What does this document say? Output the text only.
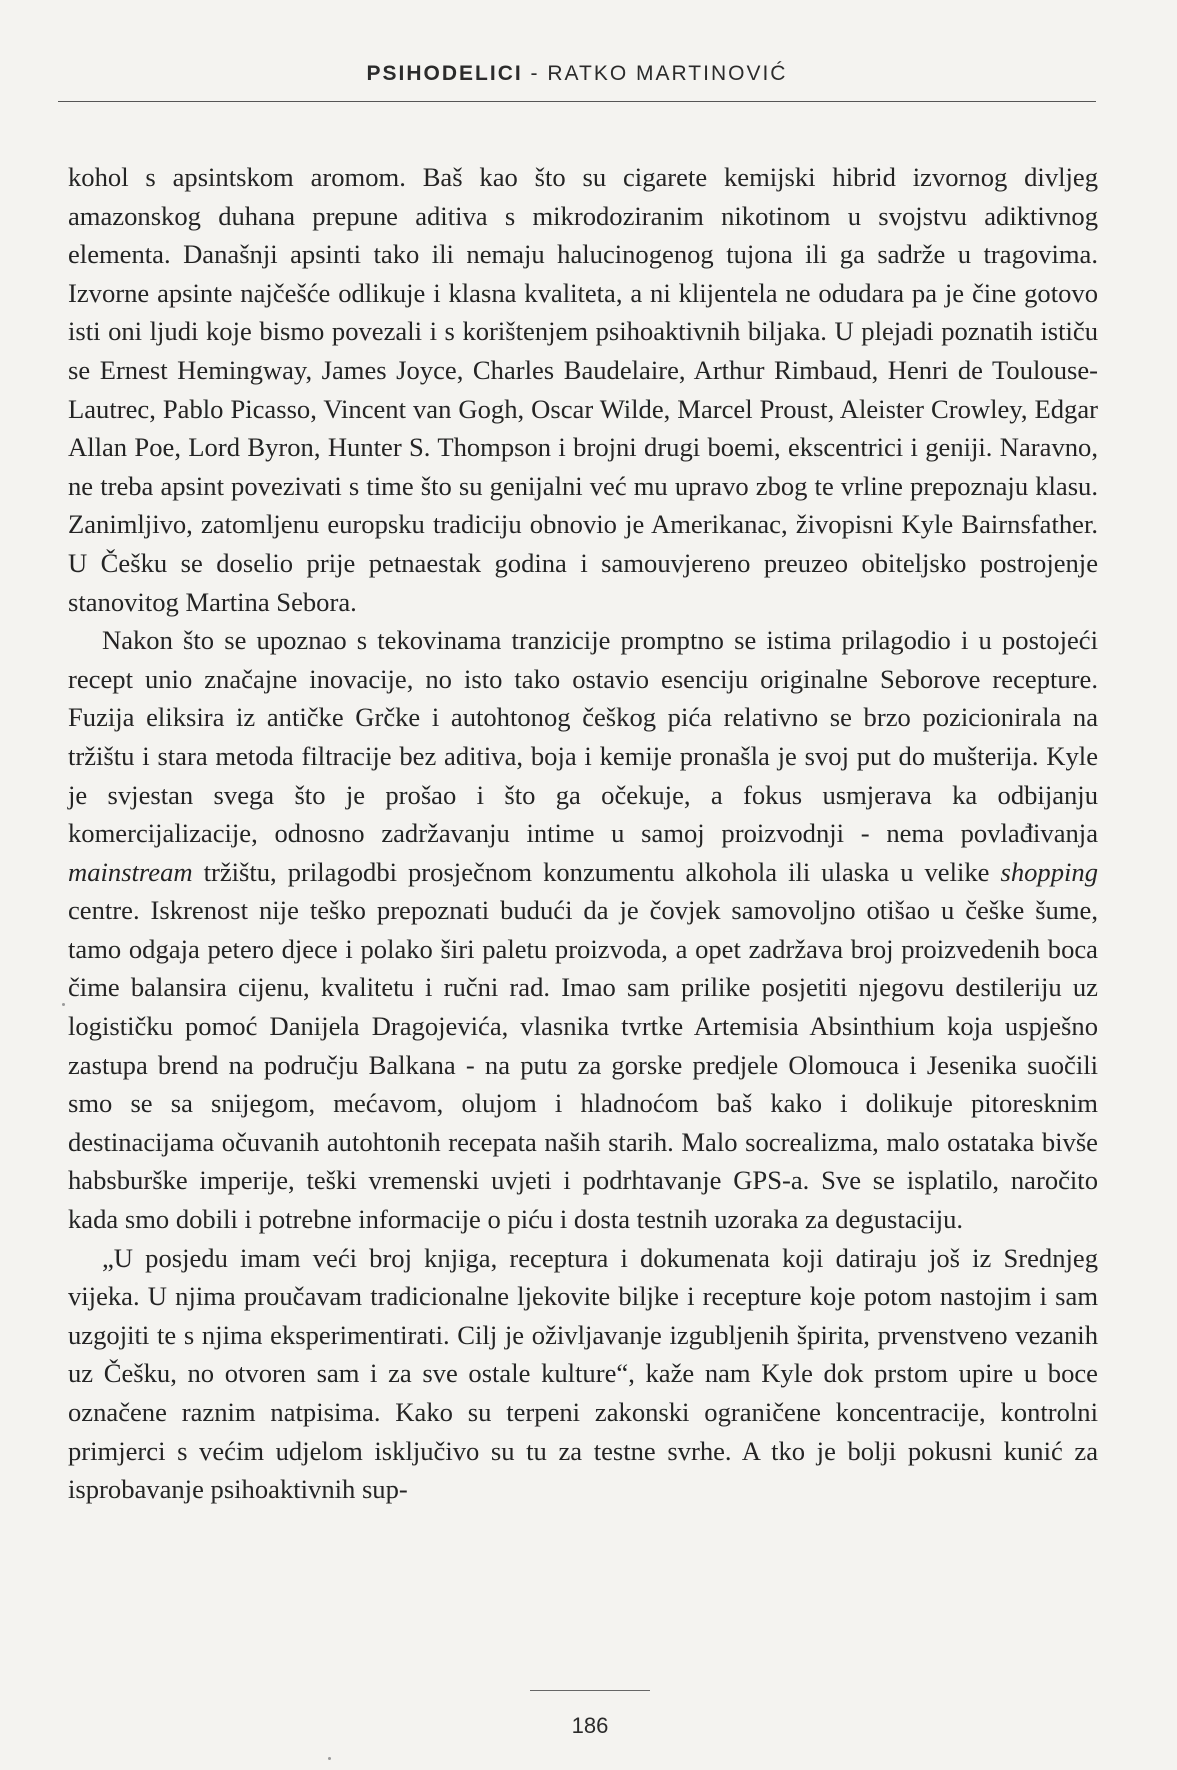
PSIHODELICI - RATKO MARTINOVIĆ

kohol s apsintskom aromom. Baš kao što su cigarete kemijski hibrid izvornog divljeg amazonskog duhana prepune aditiva s mikrodoziranim nikotinom u svojstvu adiktivnog elementa. Današnji apsinti tako ili nemaju halucinogenog tujona ili ga sadrže u tragovima. Izvorne apsinte najčešće odlikuje i klasna kvaliteta, a ni klijentela ne odudara pa je čine gotovo isti oni ljudi koje bismo povezali i s korištenjem psihoaktivnih biljaka. U plejadi poznatih ističu se Ernest Hemingway, James Joyce, Charles Baudelaire, Arthur Rimbaud, Henri de Toulouse-Lautrec, Pablo Picasso, Vincent van Gogh, Oscar Wilde, Marcel Proust, Aleister Crowley, Edgar Allan Poe, Lord Byron, Hunter S. Thompson i brojni drugi boemi, ekscentrici i geniji. Naravno, ne treba apsint povezivati s time što su genijalni već mu upravo zbog te vrline prepoznaju klasu. Zanimljivo, zatomljenu europsku tradiciju obnovio je Amerikanac, živopisni Kyle Bairnsfather. U Češku se doselio prije petnaestak godina i samouvjereno preuzeo obiteljsko postrojenje stanovitog Martina Sebora.

Nakon što se upoznao s tekovinama tranzicije promptno se istima prilagodio i u postojeći recept unio značajne inovacije, no isto tako ostavio esenciju originalne Seborove recepture. Fuzija eliksira iz antičke Grčke i autohtonog češkog pića relativno se brzo pozicionirala na tržištu i stara metoda filtracije bez aditiva, boja i kemije pronašla je svoj put do mušterija. Kyle je svjestan svega što je prošao i što ga očekuje, a fokus usmjerava ka odbijanju komercijalizacije, odnosno zadržavanju intime u samoj proizvodnji - nema povlađivanja mainstream tržištu, prilagodbi prosječnom konzumentu alkohola ili ulaska u velike shopping centre. Iskrenost nije teško prepoznati budući da je čovjek samovoljno otišao u češke šume, tamo odgaja petero djece i polako širi paletu proizvoda, a opet zadržava broj proizvedenih boca čime balansira cijenu, kvalitetu i ručni rad. Imao sam prilike posjetiti njegovu destileriju uz logističku pomoć Danijela Dragojevića, vlasnika tvrtke Artemisia Absinthium koja uspješno zastupa brend na području Balkana - na putu za gorske predjele Olomouca i Jesenika suočili smo se sa snijegom, mećavom, olujom i hladnoćom baš kako i dolikuje pitoresknim destinacijama očuvanih autohtonih recepata naših starih. Malo socrealizma, malo ostataka bivše habsburške imperije, teški vremenski uvjeti i podrhtavanje GPS-a. Sve se isplatilo, naročito kada smo dobili i potrebne informacije o piću i dosta testnih uzoraka za degustaciju.

„U posjedu imam veći broj knjiga, receptura i dokumenata koji datiraju još iz Srednjeg vijeka. U njima proučavam tradicionalne ljekovite biljke i recepture koje potom nastojim i sam uzgojiti te s njima eksperimentirati. Cilj je oživljavanje izgubljenih špirita, prvenstveno vezanih uz Češku, no otvoren sam i za sve ostale kulture“, kaže nam Kyle dok prstom upire u boce označene raznim natpisima. Kako su terpeni zakonski ograničene koncentracije, kontrolni primjerci s većim udjelom isključivo su tu za testne svrhe. A tko je bolji pokusni kunić za isprobavanje psihoaktivnih sup-

186
